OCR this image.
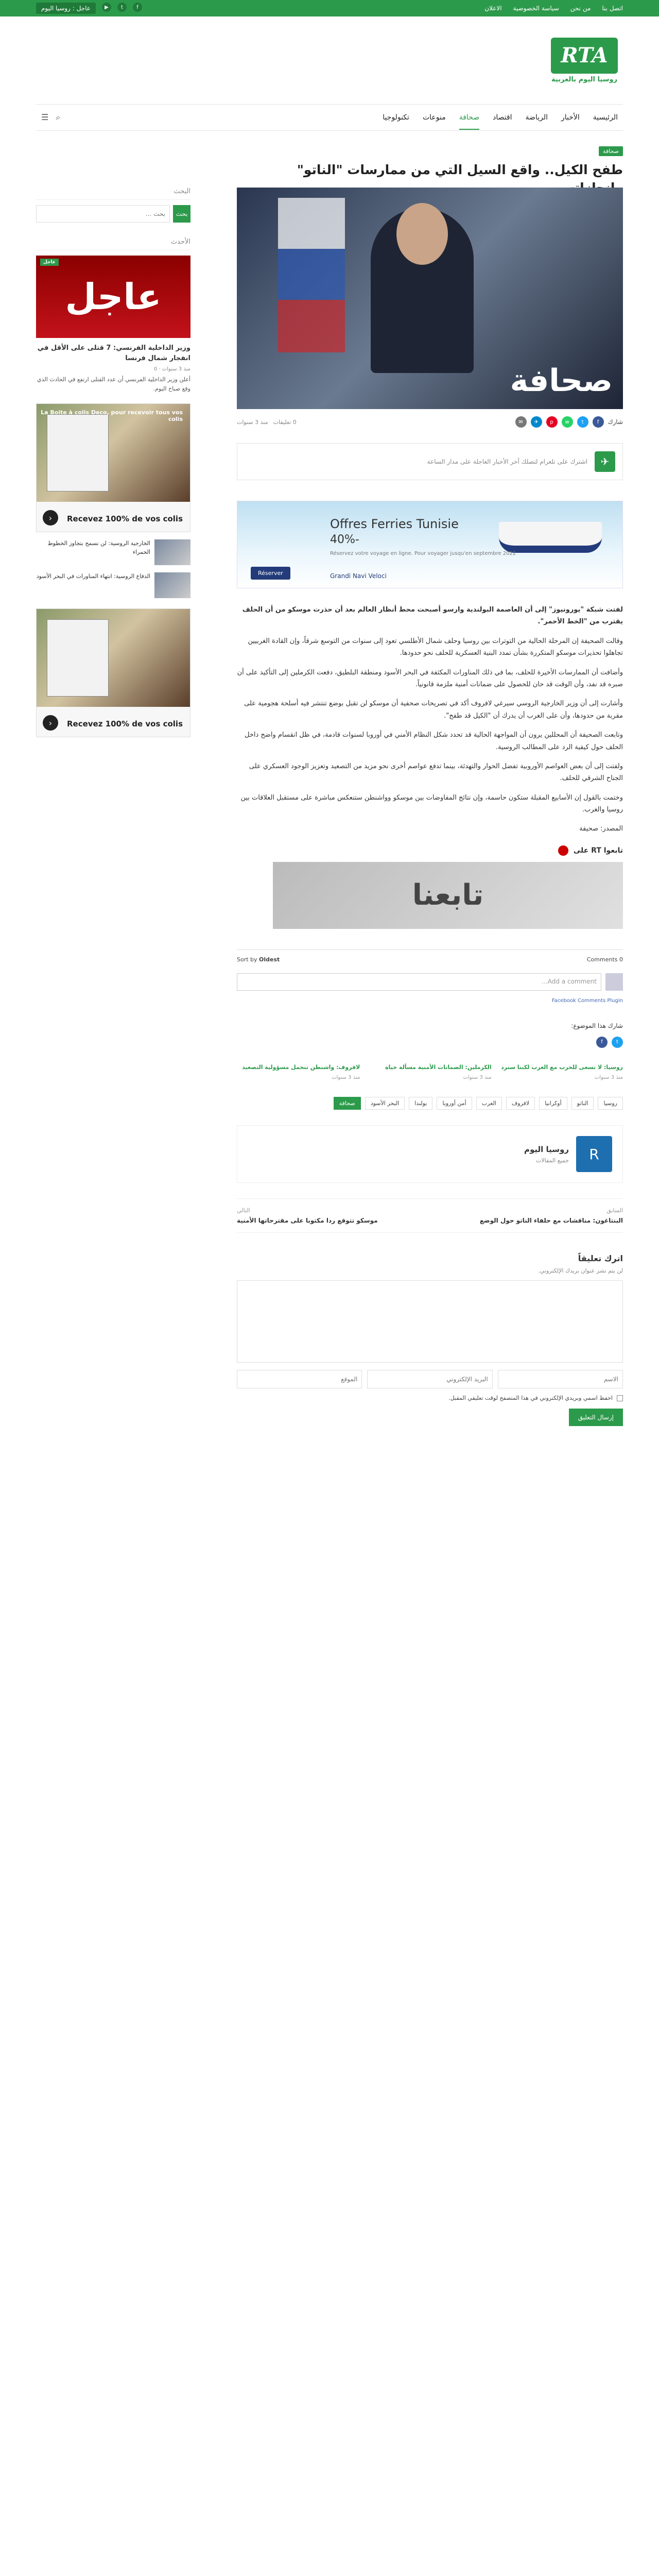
اتصل بنا
من نحن
سياسة الخصوصية
الاعلان
f
t
▶
عاجل : روسيا اليوم
RTA
روسيا اليوم بالعربية
الرئيسية
الأخبار
الرياضة
اقتصاد
صحافة
منوعات
تكنولوجيا
⌕
☰
صحافة
طفح الكيل.. واقع السيل التي من ممارسات "الناتو"
صحافة
شارك
f
t
w
p
✈
✉
0 تعليقات
منذ 3 سنوات
✈
اشترك على تلغرام لتصلك آخر الأخبار العاجلة على مدار الساعة
Offres Ferries Tunisie
-40%
Réservez votre voyage en ligne. Pour voyager jusqu'en septembre 2022
Grandi Navi Veloci
Réserver

لفتت شبكة "يورونيوز" إلى أن العاصمة البولندية وارسو أصبحت محط أنظار العالم بعد أن حذرت موسكو من أن الحلف يقترب من "الخط الأحمر".

وقالت الصحيفة إن المرحلة الحالية من التوترات بين روسيا وحلف شمال الأطلسي تعود إلى سنوات من التوسع شرقاً، وإن القادة الغربيين تجاهلوا تحذيرات موسكو المتكررة بشأن تمدد البنية العسكرية للحلف نحو حدودها.

وأضافت أن الممارسات الأخيرة للحلف، بما في ذلك المناورات المكثفة في البحر الأسود ومنطقة البلطيق، دفعت الكرملين إلى التأكيد على أن صبره قد نفد، وأن الوقت قد حان للحصول على ضمانات أمنية ملزمة قانونياً.

وأشارت إلى أن وزير الخارجية الروسي سيرغي لافروف أكد في تصريحات صحفية أن موسكو لن تقبل بوضع تنتشر فيه أسلحة هجومية على مقربة من حدودها، وأن على الغرب أن يدرك أن "الكيل قد طفح".

وتابعت الصحيفة أن المحللين يرون أن المواجهة الحالية قد تحدد شكل النظام الأمني في أوروبا لسنوات قادمة، في ظل انقسام واضح داخل الحلف حول كيفية الرد على المطالب الروسية.

ولفتت إلى أن بعض العواصم الأوروبية تفضل الحوار والتهدئة، بينما تدفع عواصم أخرى نحو مزيد من التصعيد وتعزيز الوجود العسكري على الجناح الشرقي للحلف.

وختمت بالقول إن الأسابيع المقبلة ستكون حاسمة، وإن نتائج المفاوضات بين موسكو وواشنطن ستنعكس مباشرة على مستقبل العلاقات بين روسيا والغرب.

المصدر: صحيفة

تابعوا RT على
تابعنا
0 Comments
Sort by Oldest
Add a comment...
Facebook Comments Plugin
شارك هذا الموضوع:
t
f
روسيا: لا نسعى للحرب مع الغرب لكننا سنرد
منذ 3 سنوات
الكرملين: الضمانات الأمنية مسألة حياة
منذ 3 سنوات
لافروف: واشنطن تتحمل مسؤولية التصعيد
منذ 3 سنوات
روسيا
الناتو
أوكرانيا
لافروف
الغرب
أمن أوروبا
بولندا
البحر الأسود
صحافة
R
روسيا اليوم
جميع المقالات
السابق
البنتاغون: مناقشات مع حلفاء الناتو حول الوضع
التالي
موسكو تتوقع ردا مكتوبا على مقترحاتها الأمنية
اترك تعليقاً
لن يتم نشر عنوان بريدك الإلكتروني.
الاسم
البريد الإلكتروني
الموقع
احفظ اسمي وبريدي الإلكتروني في هذا المتصفح لوقت تعليقي المقبل.
إرسال التعليق
البحث
بحث
بحث ...
الأحدث
عاجل
عاجل
وزير الداخلية الفرنسي: 7 قتلى على الأقل في انفجار شمال فرنسا
منذ 3 سنوات · 0
أعلن وزير الداخلية الفرنسي أن عدد القتلى ارتفع في الحادث الذي وقع صباح اليوم.
La Boite à colis Deco, pour recevoir tous vos colis
Recevez 100% de vos colis
‹
الخارجية الروسية: لن نسمح بتجاوز الخطوط الحمراء
الدفاع الروسية: انتهاء المناورات في البحر الأسود
Recevez 100% de vos colis
‹
